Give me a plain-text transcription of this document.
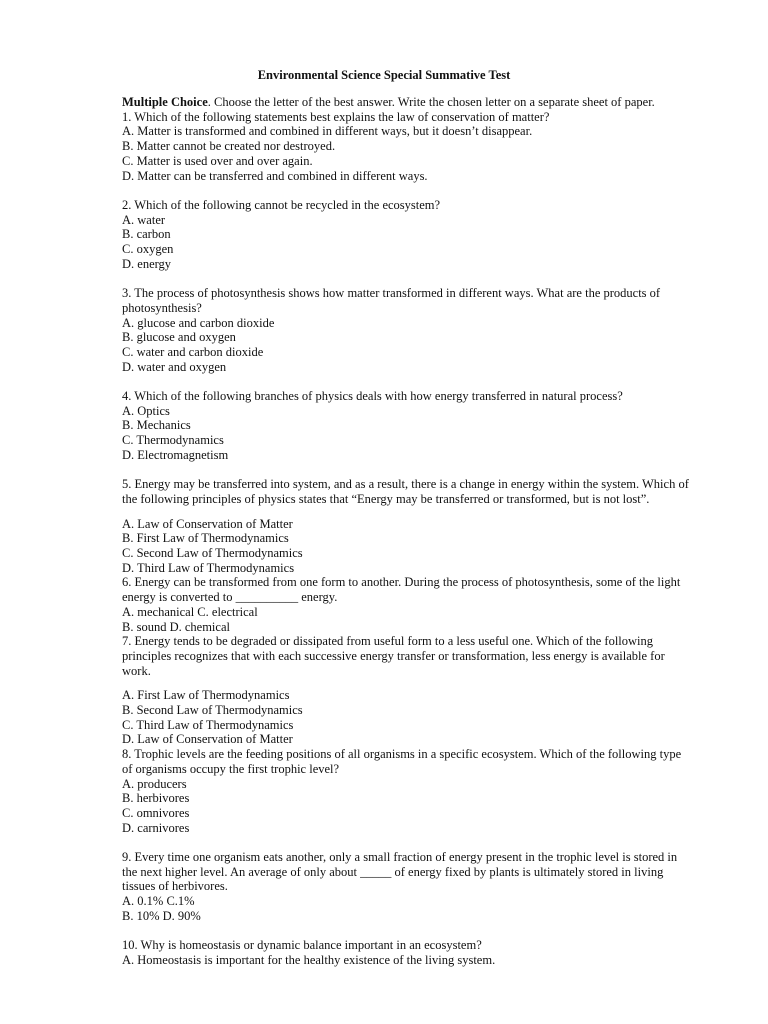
Environmental Science Special Summative Test
Multiple Choice. Choose the letter of the best answer. Write the chosen letter on a separate sheet of paper.
1. Which of the following statements best explains the law of conservation of matter?
A. Matter is transformed and combined in different ways, but it doesn’t disappear.
B. Matter cannot be created nor destroyed.
C. Matter is used over and over again.
D. Matter can be transferred and combined in different ways.
2. Which of the following cannot be recycled in the ecosystem?
A. water
B. carbon
C. oxygen
D. energy
3. The process of photosynthesis shows how matter transformed in different ways. What are the products of
photosynthesis?
A. glucose and carbon dioxide
B. glucose and oxygen
C. water and carbon dioxide
D. water and oxygen
4. Which of the following branches of physics deals with how energy transferred in natural process?
A. Optics
B. Mechanics
C. Thermodynamics
D. Electromagnetism
5. Energy may be transferred into system, and as a result, there is a change in energy within the system. Which of
the following principles of physics states that “Energy may be transferred or transformed, but is not lost”.
A. Law of Conservation of Matter
B. First Law of Thermodynamics
C. Second Law of Thermodynamics
D. Third Law of Thermodynamics
6. Energy can be transformed from one form to another. During the process of photosynthesis, some of the light
energy is converted to __________ energy.
A. mechanical C. electrical
B. sound D. chemical
7. Energy tends to be degraded or dissipated from useful form to a less useful one. Which of the following
principles recognizes that with each successive energy transfer or transformation, less energy is available for
work.
A. First Law of Thermodynamics
B. Second Law of Thermodynamics
C. Third Law of Thermodynamics
D. Law of Conservation of Matter
8. Trophic levels are the feeding positions of all organisms in a specific ecosystem. Which of the following type
of organisms occupy the first trophic level?
A. producers
B. herbivores
C. omnivores
D. carnivores
9. Every time one organism eats another, only a small fraction of energy present in the trophic level is stored in
the next higher level. An average of only about _____ of energy fixed by plants is ultimately stored in living
tissues of herbivores.
A. 0.1% C.1%
B. 10% D. 90%
10. Why is homeostasis or dynamic balance important in an ecosystem?
A. Homeostasis is important for the healthy existence of the living system.
